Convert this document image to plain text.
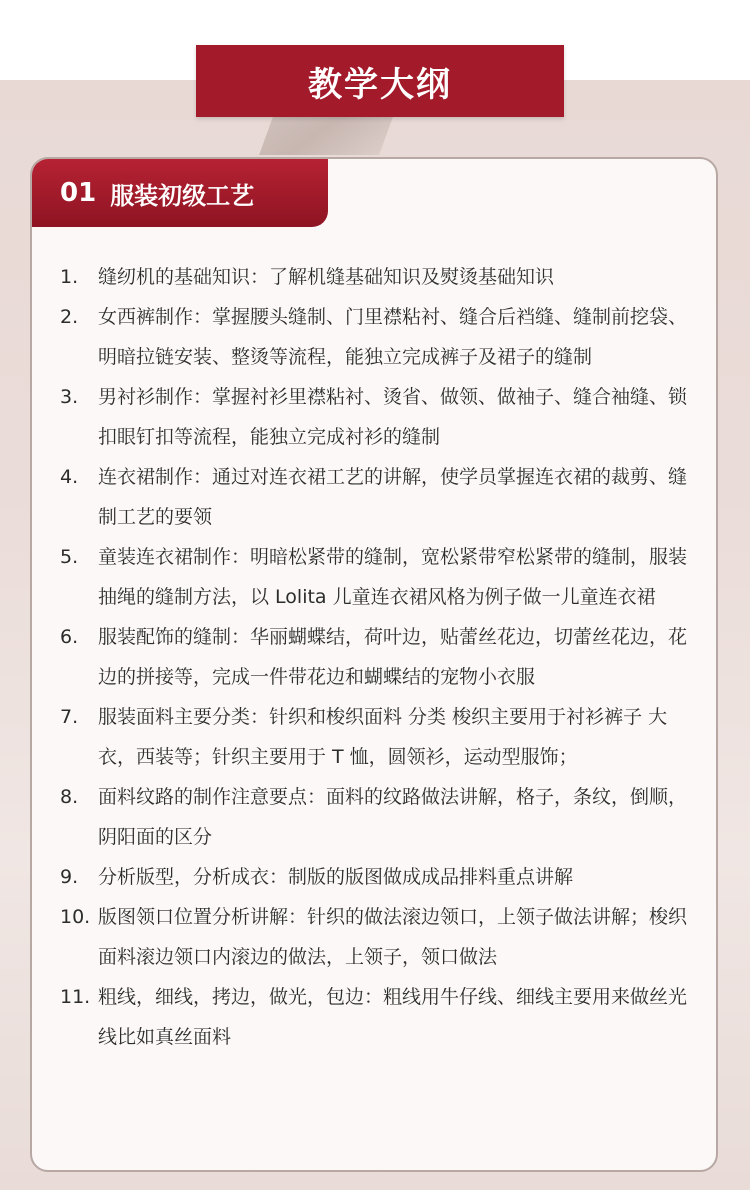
教学大纲
01 服装初级工艺
1.	缝纫机的基础知识：了解机缝基础知识及熨烫基础知识
2.	女西裤制作：掌握腰头缝制、门里襟粘衬、缝合后裆缝、缝制前挖袋、明暗拉链安装、整烫等流程，能独立完成裤子及裙子的缝制
3.	男衬衫制作：掌握衬衫里襟粘衬、烫省、做领、做袖子、缝合袖缝、锁扣眼钉扣等流程，能独立完成衬衫的缝制
4.	连衣裙制作：通过对连衣裙工艺的讲解，使学员掌握连衣裙的裁剪、缝制工艺的要领
5.	童装连衣裙制作：明暗松紧带的缝制，宽松紧带窄松紧带的缝制，服装抽绳的缝制方法，以 Lolita 儿童连衣裙风格为例子做一儿童连衣裙
6.	服装配饰的缝制：华丽蝴蝶结，荷叶边，贴蕾丝花边，切蕾丝花边，花边的拼接等，完成一件带花边和蝴蝶结的宠物小衣服
7.	服装面料主要分类：针织和梭织面料 分类 梭织主要用于衬衫裤子 大衣，西装等；针织主要用于 T 恤，圆领衫，运动型服饰；
8.	面料纹路的制作注意要点：面料的纹路做法讲解，格子，条纹，倒顺，阴阳面的区分
9.	分析版型，分析成衣：制版的版图做成成品排料重点讲解
10. 版图领口位置分析讲解：针织的做法滚边领口，上领子做法讲解；梭织面料滚边领口内滚边的做法，上领子，领口做法
11. 粗线，细线，拷边，做光，包边：粗线用牛仔线、细线主要用来做丝光线比如真丝面料
